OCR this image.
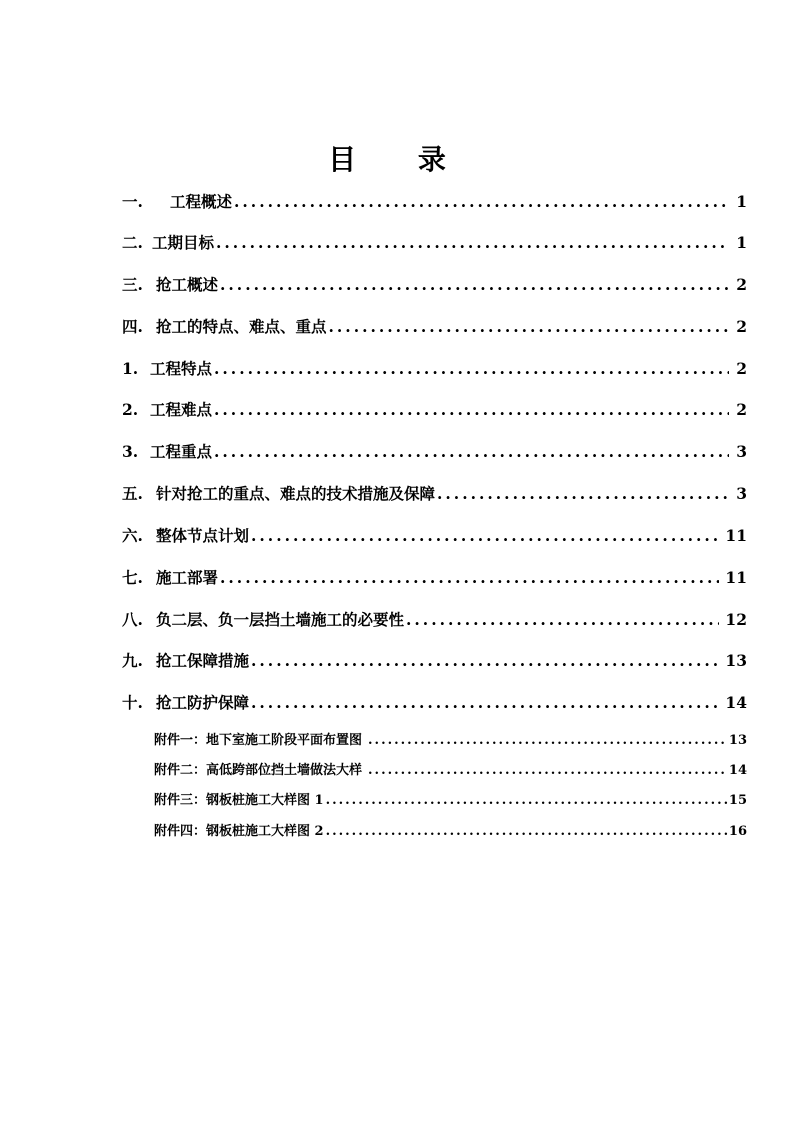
目 录
一. 工程概述 .....	1
二. 工期目标 .....	1
三. 抢工概述 .....	2
四. 抢工的特点、难点、重点 .....	2
1. 工程特点 .....	2
2. 工程难点 .....	2
3. 工程重点 .....	3
五. 针对抢工的重点、难点的技术措施及保障 .....	3
六. 整体节点计划 .....	11
七. 施工部署 .....	11
八. 负二层、负一层挡土墙施工的必要性 .....	12
九. 抢工保障措施 .....	13
十. 抢工防护保障 .....	14
附件一：地下室施工阶段平面布置图 .....	13
附件二：高低跨部位挡土墙做法大样 .....	14
附件三：钢板桩施工大样图 1 .....	15
附件四：钢板桩施工大样图 2 .....	16
